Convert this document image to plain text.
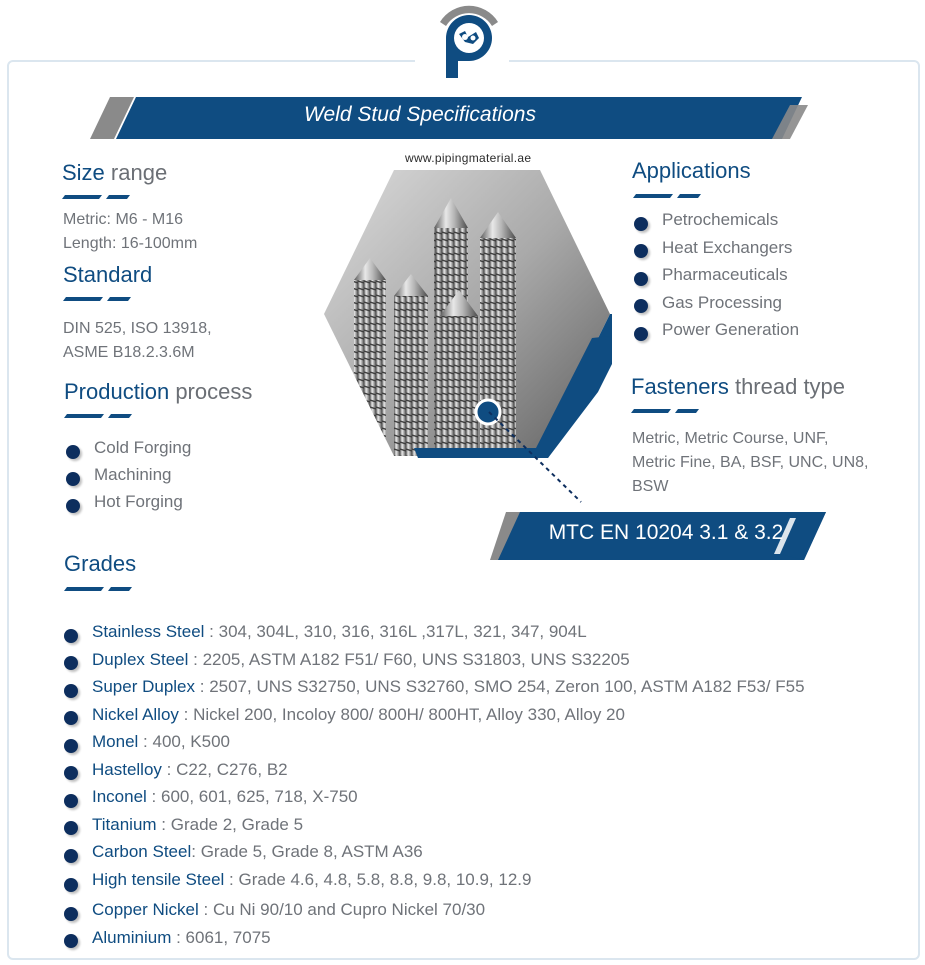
Weld Stud Specifications
www.pipingmaterial.ae
Size range
Metric: M6 - M16
Length: 16-100mm
Standard
DIN 525, ISO 13918,
ASME B18.2.3.6M
Production process
Cold Forging
Machining
Hot Forging
Applications
Petrochemicals
Heat Exchangers
Pharmaceuticals
Gas Processing
Power Generation
Fasteners thread type
Metric, Metric Course, UNF,
Metric Fine, BA, BSF, UNC, UN8,
BSW
MTC EN 10204 3.1 & 3.2
Grades
Stainless Steel : 304, 304L, 310, 316, 316L ,317L, 321, 347, 904L
Duplex Steel : 2205, ASTM A182 F51/ F60, UNS S31803, UNS S32205
Super Duplex : 2507, UNS S32750, UNS S32760, SMO 254, Zeron 100, ASTM A182 F53/ F55
Nickel Alloy : Nickel 200, Incoloy 800/ 800H/ 800HT, Alloy 330, Alloy 20
Monel : 400, K500
Hastelloy : C22, C276, B2
Inconel : 600, 601, 625, 718, X-750
Titanium : Grade 2, Grade 5
Carbon Steel: Grade 5, Grade 8, ASTM A36
High tensile Steel : Grade 4.6, 4.8, 5.8, 8.8, 9.8, 10.9, 12.9
Copper Nickel : Cu Ni 90/10 and Cupro Nickel 70/30
Aluminium : 6061, 7075
